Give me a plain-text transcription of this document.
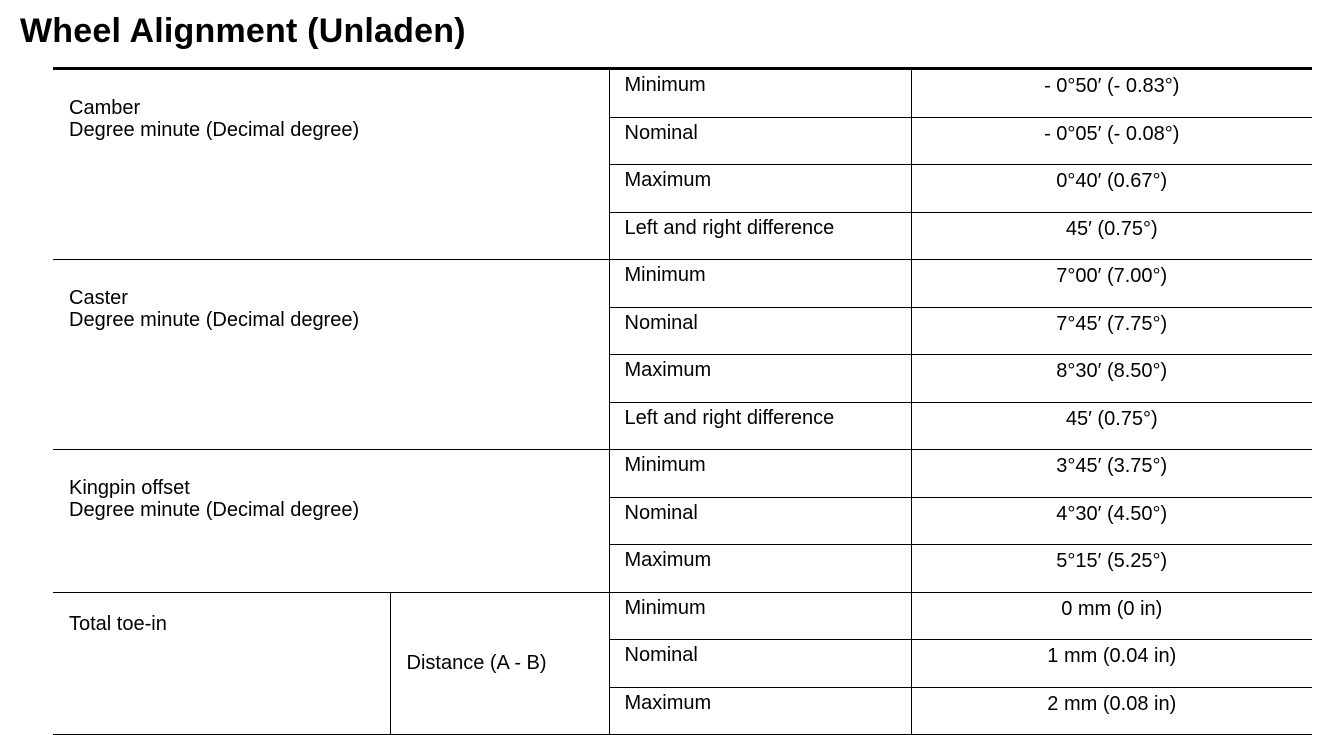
Wheel Alignment (Unladen)
Camber
Degree minute (Decimal degree)		Minimum	- 0°50′ (- 0.83°)
		Nominal	- 0°05′ (- 0.08°)
		Maximum	0°40′ (0.67°)
		Left and right difference	45′ (0.75°)

Caster
Degree minute (Decimal degree)		Minimum	7°00′ (7.00°)
		Nominal	7°45′ (7.75°)
		Maximum	8°30′ (8.50°)
		Left and right difference	45′ (0.75°)

Kingpin offset
Degree minute (Decimal degree)		Minimum	3°45′ (3.75°)
		Nominal	4°30′ (4.50°)
		Maximum	5°15′ (5.25°)

Total toe-in	Distance (A - B)	Minimum	0 mm (0 in)
		Nominal	1 mm (0.04 in)
		Maximum	2 mm (0.08 in)
